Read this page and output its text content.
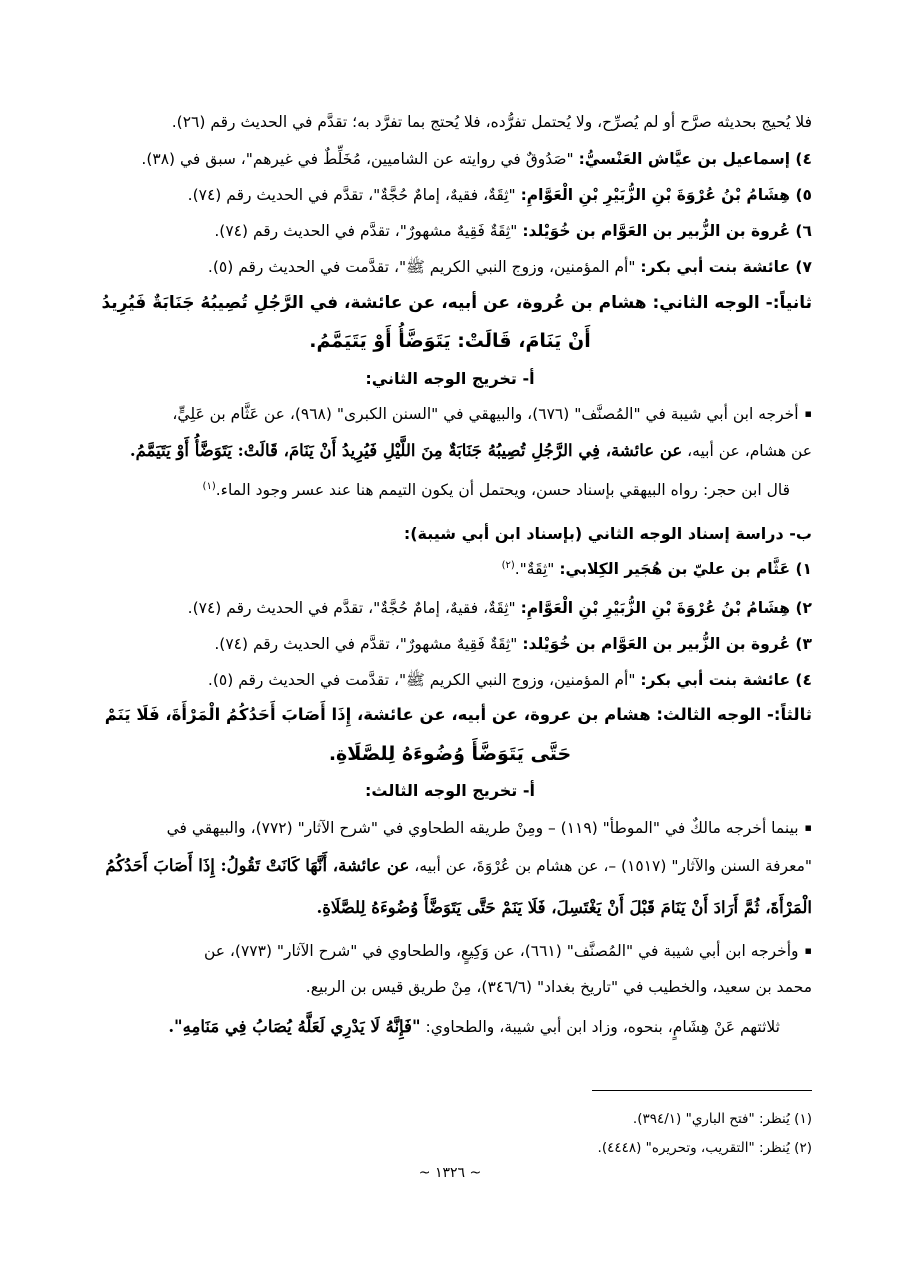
فلا يُحيج بحديثه صرَّح أو لم يُصرِّح، ولا يُحتمل تفرُّده، فلا يُحتج بما تفرَّد به؛ تقدَّم في الحديث رقم (٢٦).
٤) إسماعيل بن عيَّاش العَنْسيُّ: "صَدُوقٌ في روايته عن الشاميين، مُخَلِّطٌ في غيرهم"، سبق في (٣٨).
٥) هِشَامُ بْنُ عُرْوَةَ بْنِ الزُّبَيْرِ بْنِ الْعَوَّامِ: "ثِقَةٌ، فقيهٌ، إمامٌ حُجَّةٌ"، تقدَّم في الحديث رقم (٧٤).
٦) عُروة بن الزُّبير بن العَوَّام بن خُوَيْلد: "ثِقَةٌ فَقِيهٌ مشهورٌ"، تقدَّم في الحديث رقم (٧٤).
٧) عائشة بنت أبي بكر: "أم المؤمنين، وزوج النبي الكريم ﷺ"، تقدَّمت في الحديث رقم (٥).
ثانياً:- الوجه الثاني: هشام بن عُروة، عن أبيه، عن عائشة، في الرَّجُلِ تُصِيبُهُ جَنَابَةٌ فَيُرِيدُ
أَنْ يَنَامَ، قَالَتْ: يَتَوَضَّأُ أَوْ يَتَيَمَّمُ.
أ- تخريج الوجه الثاني:
▪أخرجه ابن أبي شيبة في "المُصنَّف" (٦٧٦)، والبيهقي في "السنن الكبرى" (٩٦٨)، عن عَثَّام بن عَلِيٍّ،
عن هشام، عن أبيه، عن عائشة، فِي الرَّجُلِ تُصِيبُهُ جَنَابَةٌ مِنَ اللَّيْلِ فَيُرِيدُ أَنْ يَنَامَ، قَالَتْ: يَتَوَضَّأُ أَوْ يَتَيَمَّمُ.
قال ابن حجر: رواه البيهقي بإسناد حسن، ويحتمل أن يكون التيمم هنا عند عسر وجود الماء.$^{(١)}$
ب- دراسة إسناد الوجه الثاني (بإسناد ابن أبي شيبة):
١) عَثَّام بن عليّ بن هُجَير الكِلابي: "ثِقَةٌ".$^{(٢)}$
٢) هِشَامُ بْنُ عُرْوَةَ بْنِ الزُّبَيْرِ بْنِ الْعَوَّامِ: "ثِقَةٌ، فقيهٌ، إمامٌ حُجَّةٌ"، تقدَّم في الحديث رقم (٧٤).
٣) عُروة بن الزُّبير بن العَوَّام بن خُوَيْلد: "ثِقَةٌ فَقِيهٌ مشهورٌ"، تقدَّم في الحديث رقم (٧٤).
٤) عائشة بنت أبي بكر: "أم المؤمنين، وزوج النبي الكريم ﷺ"، تقدَّمت في الحديث رقم (٥).
ثالثاً:- الوجه الثالث: هشام بن عروة، عن أبيه، عن عائشة، إِذَا أَصَابَ أَحَدُكُمُ الْمَرْأَةَ، فَلَا يَنَمْ
حَتَّى يَتَوَضَّأَ وُضُوءَهُ لِلصَّلَاةِ.
أ- تخريج الوجه الثالث:
▪بينما أخرجه مالكٌ في "الموطأ" (١١٩) – ومِنْ طريقه الطحاوي في "شرح الآثار" (٧٧٢)، والبيهقي في
"معرفة السنن والآثار" (١٥١٧) –، عن هشام بن عُرْوَةَ، عن أبيه، عن عائشة، أَنَّهَا كَانَتْ تَقُولُ: إِذَا أَصَابَ أَحَدُكُمُ
الْمَرْأَةَ، ثُمَّ أَرَادَ أَنْ يَنَامَ قَبْلَ أَنْ يَغْتَسِلَ، فَلَا يَنَمْ حَتَّى يَتَوَضَّأَ وُضُوءَهُ لِلصَّلَاةِ.
▪وأخرجه ابن أبي شيبة في "المُصنَّف" (٦٦١)، عن وَكِيعٍ، والطحاوي في "شرح الآثار" (٧٧٣)، عن
محمد بن سعيد، والخطيب في "تاريخ بغداد" (٣٤٦/٦)، مِنْ طريق قيس بن الربيع.
ثلاثتهم عَنْ هِشَامٍ، بنحوه، وزاد ابن أبي شيبة، والطحاوي: "فَإِنَّهُ لَا يَدْرِي لَعَلَّهُ يُصَابُ فِي مَنَامِهِ".
(١) يُنظر: "فتح الباري" (٣٩٤/١).
(٢) يُنظر: "التقريب، وتحريره" (٤٤٤٨).
~ ١٣٢٦ ~
